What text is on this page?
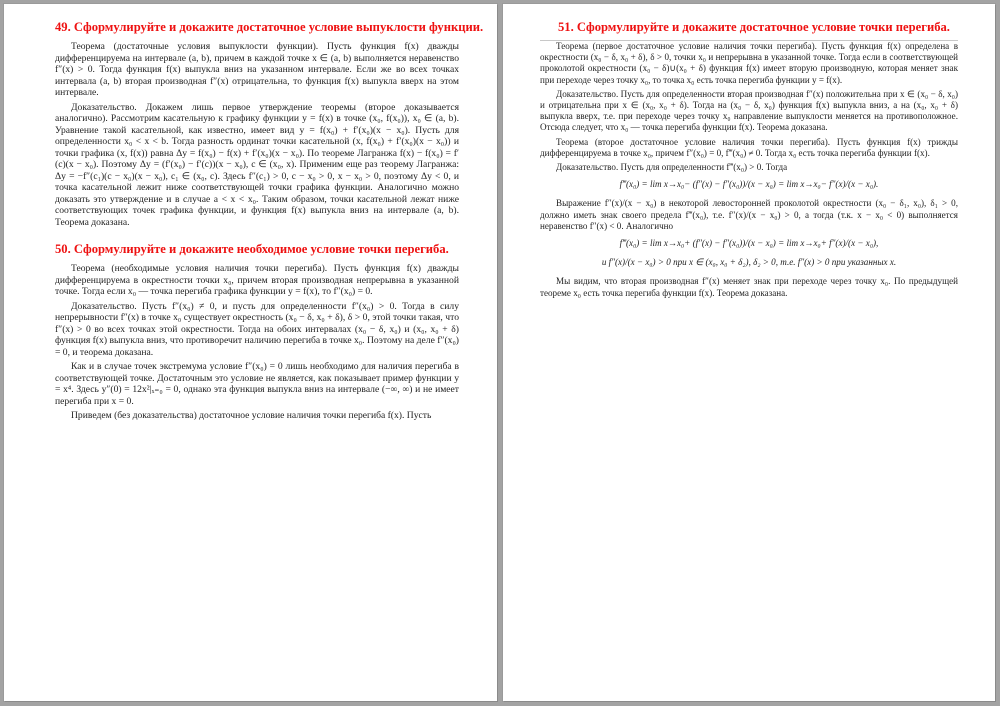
49. Сформулируйте и докажите достаточное условие выпуклости функции.

Теорема (достаточные условия выпуклости функции). Пусть функция f(x) дважды дифференцируема на интервале (a, b), причем в каждой точке x ∈ (a, b) выполняется неравенство f″(x) > 0. Тогда функция f(x) выпукла вниз на указанном интервале. Если же во всех точках интервала (a, b) вторая производная f″(x) отрицательна, то функция f(x) выпукла вверх на этом интервале.

Доказательство. Докажем лишь первое утверждение теоремы (второе доказывается аналогично). Рассмотрим касательную к графику функции y = f(x) в точке (x₀, f(x₀)), x₀ ∈ (a, b). Уравнение такой касательной, как известно, имеет вид y = f(x₀) + f′(x₀)(x − x₀). Пусть для определенности x₀ < x < b. Тогда разность ординат точки касательной (x, f(x₀) + f′(x₀)(x − x₀)) и точки графика (x, f(x)) равна Δy = f(x₀) − f(x) + f′(x₀)(x − x₀). По теореме Лагранжа f(x) − f(x₀) = f′(c)(x − x₀). Поэтому Δy = (f′(x₀) − f′(c))(x − x₀), c ∈ (x₀, x). Применим еще раз теорему Лагранжа: Δy = −f″(c₁)(c − x₀)(x − x₀), c₁ ∈ (x₀, c). Здесь f″(c₁) > 0, c − x₀ > 0, x − x₀ > 0, поэтому Δy < 0, и точка касательной лежит ниже соответствующей точки графика функции. Аналогично можно доказать это утверждение и в случае a < x < x₀. Таким образом, точки касательной лежат ниже соответствующих точек графика функции, и функция f(x) выпукла вниз на интервале (a, b). Теорема доказана.

50. Сформулируйте и докажите необходимое условие точки перегиба.

Теорема (необходимые условия наличия точки перегиба). Пусть функция f(x) дважды дифференцируема в окрестности точки x₀, причем вторая производная непрерывна в указанной точке. Тогда если x₀ — точка перегиба графика функции y = f(x), то f″(x₀) = 0.

Доказательство. Пусть f″(x₀) ≠ 0, и пусть для определенности f″(x₀) > 0. Тогда в силу непрерывности f″(x) в точке x₀ существует окрестность (x₀ − δ, x₀ + δ), δ > 0, этой точки такая, что f″(x) > 0 во всех точках этой окрестности. Тогда на обоих интервалах (x₀ − δ, x₀) и (x₀, x₀ + δ) функция f(x) выпукла вниз, что противоречит наличию перегиба в точке x₀. Поэтому на деле f″(x₀) = 0, и теорема доказана.

Как и в случае точек экстремума условие f″(x₀) = 0 лишь необходимо для наличия перегиба в соответствующей точке. Достаточным это условие не является, как показывает пример функции y = x⁴. Здесь y″(0) = 12x²|ₓ₌₀ = 0, однако эта функция выпукла вниз на интервале (−∞, ∞) и не имеет перегиба при x = 0.

Приведем (без доказательства) достаточное условие наличия точки перегиба f(x). Пусть

51. Сформулируйте и докажите достаточное условие точки перегиба.

Теорема (первое достаточное условие наличия точки перегиба). Пусть функция f(x) определена в окрестности (x₀ − δ, x₀ + δ), δ > 0, точки x₀ и непрерывна в указанной точке. Тогда если в соответствующей проколотой окрестности (x₀ − δ)∪(x₀ + δ) функция f(x) имеет вторую производную, которая меняет знак при переходе через точку x₀, то точка x₀ есть точка перегиба функции y = f(x).

Доказательство. Пусть для определенности вторая производная f″(x) положительна при x ∈ (x₀ − δ, x₀) и отрицательна при x ∈ (x₀, x₀ + δ). Тогда на (x₀ − δ, x₀) функция f(x) выпукла вниз, а на (x₀, x₀ + δ) выпукла вверх, т.е. при переходе через точку x₀ направление выпуклости меняется на противоположное. Отсюда следует, что x₀ — точка перегиба функции f(x). Теорема доказана.

Теорема (второе достаточное условие наличия точки перегиба). Пусть функция f(x) трижды дифференцируема в точке x₀, причем f″(x₀) = 0, f‴(x₀) ≠ 0. Тогда x₀ есть точка перегиба функции f(x).

Доказательство. Пусть для определенности f‴(x₀) > 0. Тогда

f‴(x₀) = lim x→x₀− (f″(x) − f″(x₀))/(x − x₀) = lim x→x₀− f″(x)/(x − x₀).

Выражение f″(x)/(x − x₀) в некоторой левосторонней проколотой окрестности (x₀ − δ₁, x₀), δ₁ > 0, должно иметь знак своего предела f‴(x₀), т.е. f″(x)/(x − x₀) > 0, а тогда (т.к. x − x₀ < 0) выполняется неравенство f″(x) < 0. Аналогично

f‴(x₀) = lim x→x₀+ (f″(x) − f″(x₀))/(x − x₀) = lim x→x₀+ f″(x)/(x − x₀),
и f″(x)/(x − x₀) > 0 при x ∈ (x₀, x₀ + δ₂), δ₂ > 0, т.е. f″(x) > 0 при указанных x.

Мы видим, что вторая производная f″(x) меняет знак при переходе через точку x₀. По предыдущей теореме x₀ есть точка перегиба функции f(x). Теорема доказана.
